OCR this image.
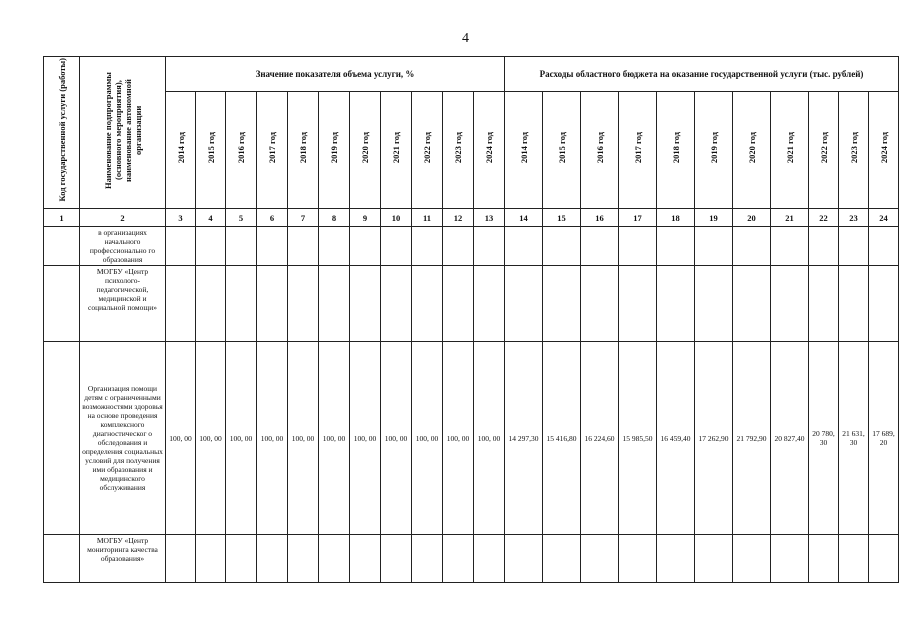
4
Код государственной услуги (работы)	Наименование подпрограммы (основного мероприятия), наименование автономной организации	Значение показателя объема услуги, %											Расходы областного бюджета на оказание государственной услуги (тыс. рублей)										
		2014 год	2015 год	2016 год	2017 год	2018 год	2019 год	2020 год	2021 год	2022 год	2023 год	2024 год	2014 год	2015 год	2016 год	2017 год	2018 год	2019 год	2020 год	2021 год	2022 год	2023 год	2024 год
1	2	3	4	5	6	7	8	9	10	11	12	13	14	15	16	17	18	19	20	21	22	23	24
	в организациях начального профессионально го образования																						
	МОГБУ «Центр психолого-педагогической, медицинской и социальной помощи»																						
	Организация помощи детям с ограниченными возможностями здоровья на основе проведения комплексного диагностическог о обследования и определения социальных условий для получения ими образования и медицинского обслуживания	100, 00	100, 00	100, 00	100, 00	100, 00	100, 00	100, 00	100, 00	100, 00	100, 00	100, 00	14 297,30	15 416,80	16 224,60	15 985,50	16 459,40	17 262,90	21 792,90	20 827,40	20 780, 30	21 631, 30	17 689, 20
	МОГБУ «Центр мониторинга качества образования»																						
